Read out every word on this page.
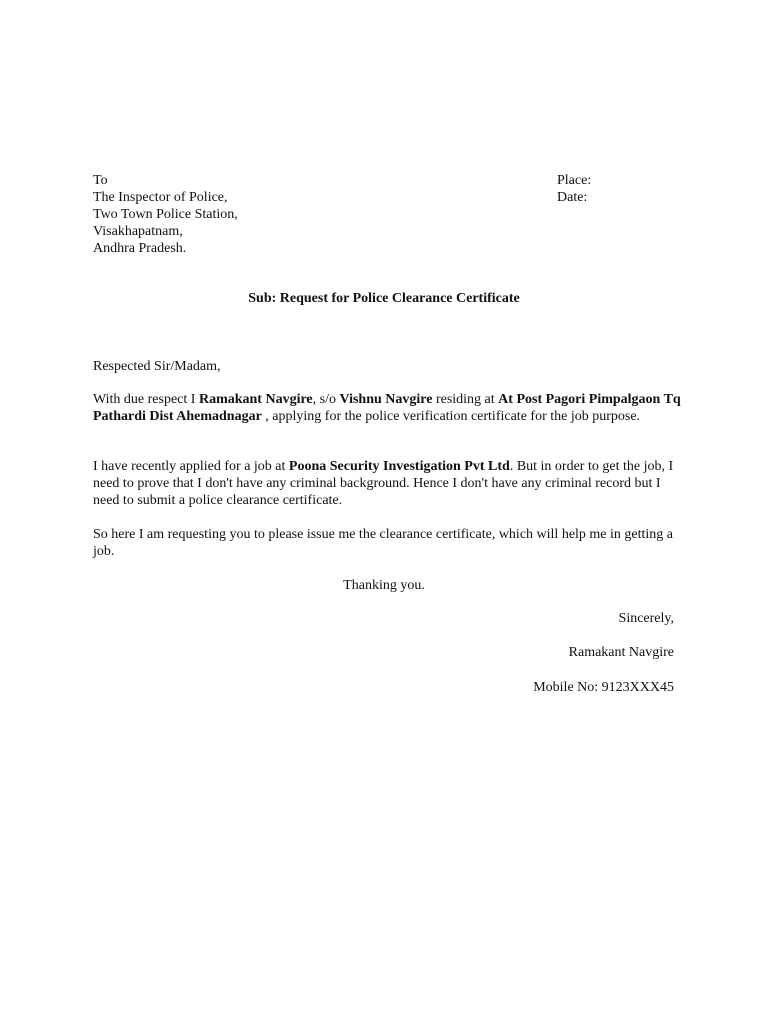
To
The Inspector of Police,
Two Town Police Station,
Visakhapatnam,
Andhra Pradesh.
Place:
Date:
Sub: Request for Police Clearance Certificate
Respected Sir/Madam,
With due respect I Ramakant Navgire, s/o Vishnu Navgire residing at At Post Pagori Pimpalgaon Tq Pathardi Dist Ahemadnagar , applying for the police verification certificate for the job purpose.
I have recently applied for a job at Poona Security Investigation Pvt Ltd. But in order to get the job, I need to prove that I don't have any criminal background. Hence I don't have any criminal record but I need to submit a police clearance certificate.
So here I am requesting you to please issue me the clearance certificate, which will help me in getting a job.
Thanking you.
Sincerely,
Ramakant Navgire
Mobile No: 9123XXX45
